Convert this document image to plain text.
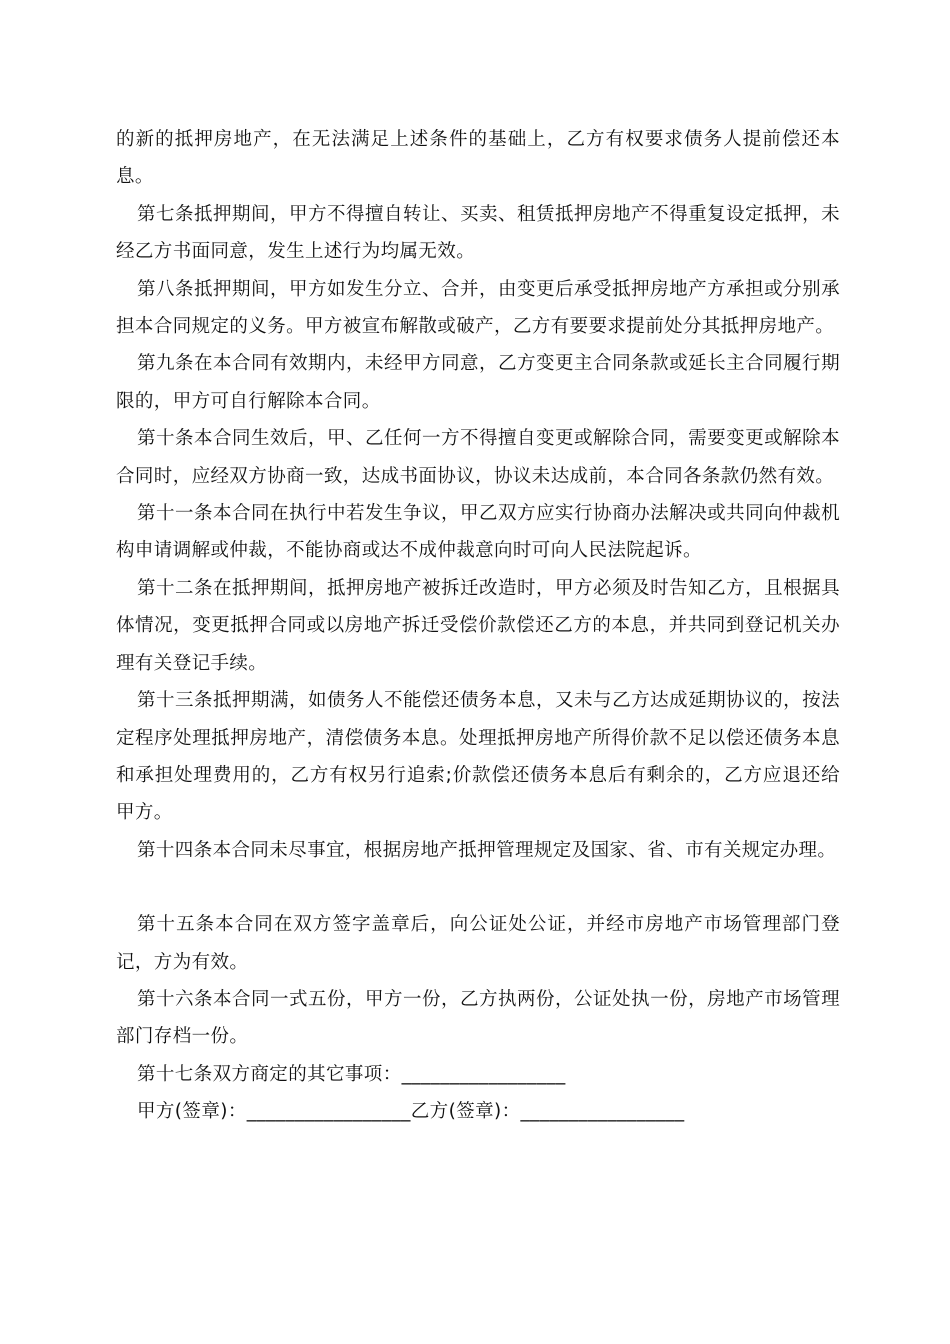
的新的抵押房地产，在无法满足上述条件的基础上，乙方有权要求债务人提前偿还本息。

第七条抵押期间，甲方不得擅自转让、买卖、租赁抵押房地产不得重复设定抵押，未经乙方书面同意，发生上述行为均属无效。

第八条抵押期间，甲方如发生分立、合并，由变更后承受抵押房地产方承担或分别承担本合同规定的义务。甲方被宣布解散或破产，乙方有要要求提前处分其抵押房地产。

第九条在本合同有效期内，未经甲方同意，乙方变更主合同条款或延长主合同履行期限的，甲方可自行解除本合同。

第十条本合同生效后，甲、乙任何一方不得擅自变更或解除合同，需要变更或解除本合同时，应经双方协商一致，达成书面协议，协议未达成前，本合同各条款仍然有效。

第十一条本合同在执行中若发生争议，甲乙双方应实行协商办法解决或共同向仲裁机构申请调解或仲裁，不能协商或达不成仲裁意向时可向人民法院起诉。

第十二条在抵押期间，抵押房地产被拆迁改造时，甲方必须及时告知乙方，且根据具体情况，变更抵押合同或以房地产拆迁受偿价款偿还乙方的本息，并共同到登记机关办理有关登记手续。

第十三条抵押期满，如债务人不能偿还债务本息，又未与乙方达成延期协议的，按法定程序处理抵押房地产，清偿债务本息。处理抵押房地产所得价款不足以偿还债务本息和承担处理费用的，乙方有权另行追索;价款偿还债务本息后有剩余的，乙方应退还给甲方。

第十四条本合同未尽事宜，根据房地产抵押管理规定及国家、省、市有关规定办理。

第十五条本合同在双方签字盖章后，向公证处公证，并经市房地产市场管理部门登记，方为有效。

第十六条本合同一式五份，甲方一份，乙方执两份，公证处执一份，房地产市场管理部门存档一份。

第十七条双方商定的其它事项：_________________

甲方(签章)：_________________乙方(签章)：_________________
